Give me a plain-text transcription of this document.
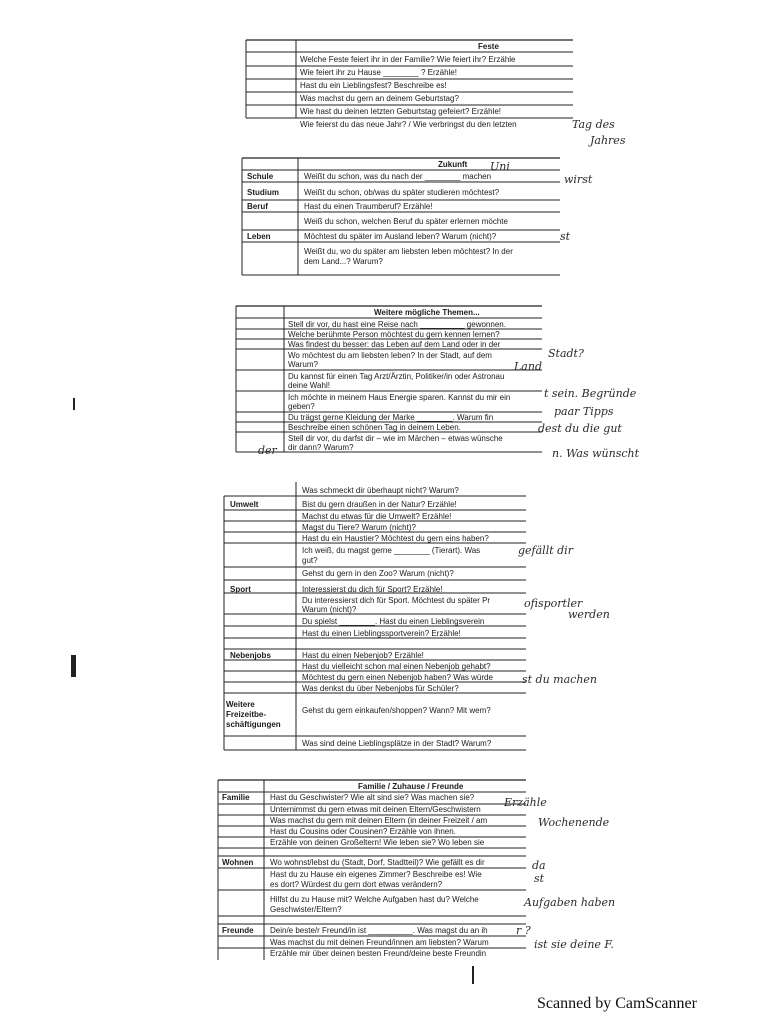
Feste
Welche Feste feiert ihr in der Familie? Wie feiert ihr? Erzähle
Wie feiert ihr zu Hause ________ ? Erzähle!
Hast du ein Lieblingsfest? Beschreibe es!
Was machst du gern an deinem Geburtstag?
Wie hast du deinen letzten Geburtstag gefeiert? Erzähle!
Wie feierst du das neue Jahr? / Wie verbringst du den letzten	Tag des
Jahres
Zukunft
Schule	Weißt du schon, was du nach der ________ machen
Studium	Weißt du schon, ob/was du später studieren möchtest?
Beruf	Hast du einen Traumberuf? Erzähle!
Weiß du schon, welchen Beruf du später erlernen möchte
Leben	Möchtest du später im Ausland leben? Warum (nicht)?
Weißt du, wo du später am liebsten leben möchtest? In der
dem Land...? Warum?
Uni
wirst
st
Weitere mögliche Themen...
Stell dir vor, du hast eine Reise nach __________ gewonnen.
Welche berühmte Person möchtest du gern kennen lernen?
Was findest du besser: das Leben auf dem Land oder in der
Wo möchtest du am liebsten leben? In der Stadt, auf dem
Warum?
Du kannst für einen Tag Arzt/Ärztin, Politiker/in oder Astronau
deine Wahl!
Ich möchte in meinem Haus Energie sparen. Kannst du mir ein
geben?
Du trägst gerne Kleidung der Marke ________. Warum fin
Beschreibe einen schönen Tag in deinem Leben.
Stell dir vor, du darfst dir – wie im Märchen – etwas wünsche
dir dann? Warum?
Stadt?
Land
t sein. Begründe
paar Tipps
dest du die gut
n. Was wünscht
der
Was schmeckt dir überhaupt nicht? Warum?
Umwelt	Bist du gern draußen in der Natur? Erzähle!
Machst du etwas für die Umwelt? Erzähle!
Magst du Tiere? Warum (nicht)?
Hast du ein Haustier? Möchtest du gern eins haben?
Ich weiß, du magst gerne ________ (Tierart). Was
gut?
Gehst du gern in den Zoo? Warum (nicht)?
Sport	Interessierst du dich für Sport? Erzähle!
Du interessierst dich für Sport. Möchtest du später Pr
Warum (nicht)?
Du spielst ________. Hast du einen Lieblingsverein
Hast du einen Lieblingssportverein? Erzähle!
Nebenjobs	Hast du einen Nebenjob? Erzähle!
Hast du vielleicht schon mal einen Nebenjob gehabt?
Möchtest du gern einen Nebenjob haben? Was würde
Was denkst du über Nebenjobs für Schüler?
Weitere Freizeitbe- schäftigungen
Gehst du gern einkaufen/shoppen? Wann? Mit wem?
Was sind deine Lieblingsplätze in der Stadt? Warum?
gefällt dir
ofisportler
werden
st du machen
Familie / Zuhause / Freunde
Familie	Hast du Geschwister? Wie alt sind sie? Was machen sie?
Unternimmst du gern etwas mit deinen Eltern/Geschwistern
Was machst du gern mit deinen Eltern (in deiner Freizeit / am
Hast du Cousins oder Cousinen? Erzähle von ihnen.
Erzähle von deinen Großeltern! Wie leben sie? Wo leben sie
Wohnen Wo wohnst/lebst du (Stadt, Dorf, Stadtteil)? Wie gefällt es dir
Hast du zu Hause ein eigenes Zimmer? Beschreibe es! Wie
es dort? Würdest du gern dort etwas verändern?
Hilfst du zu Hause mit? Welche Aufgaben hast du? Welche
Geschwister/Eltern?
Freunde Dein/e beste/r Freund/in ist __________. Was magst du an ih
Was machst du mit deinen Freund/innen am liebsten? Warum
Erzähle mir über deinen besten Freund/deine beste Freundin
Erzähle
Wochenende
da
st
Aufgaben haben
r ?
ist sie deine F.
Scanned by CamScanner
